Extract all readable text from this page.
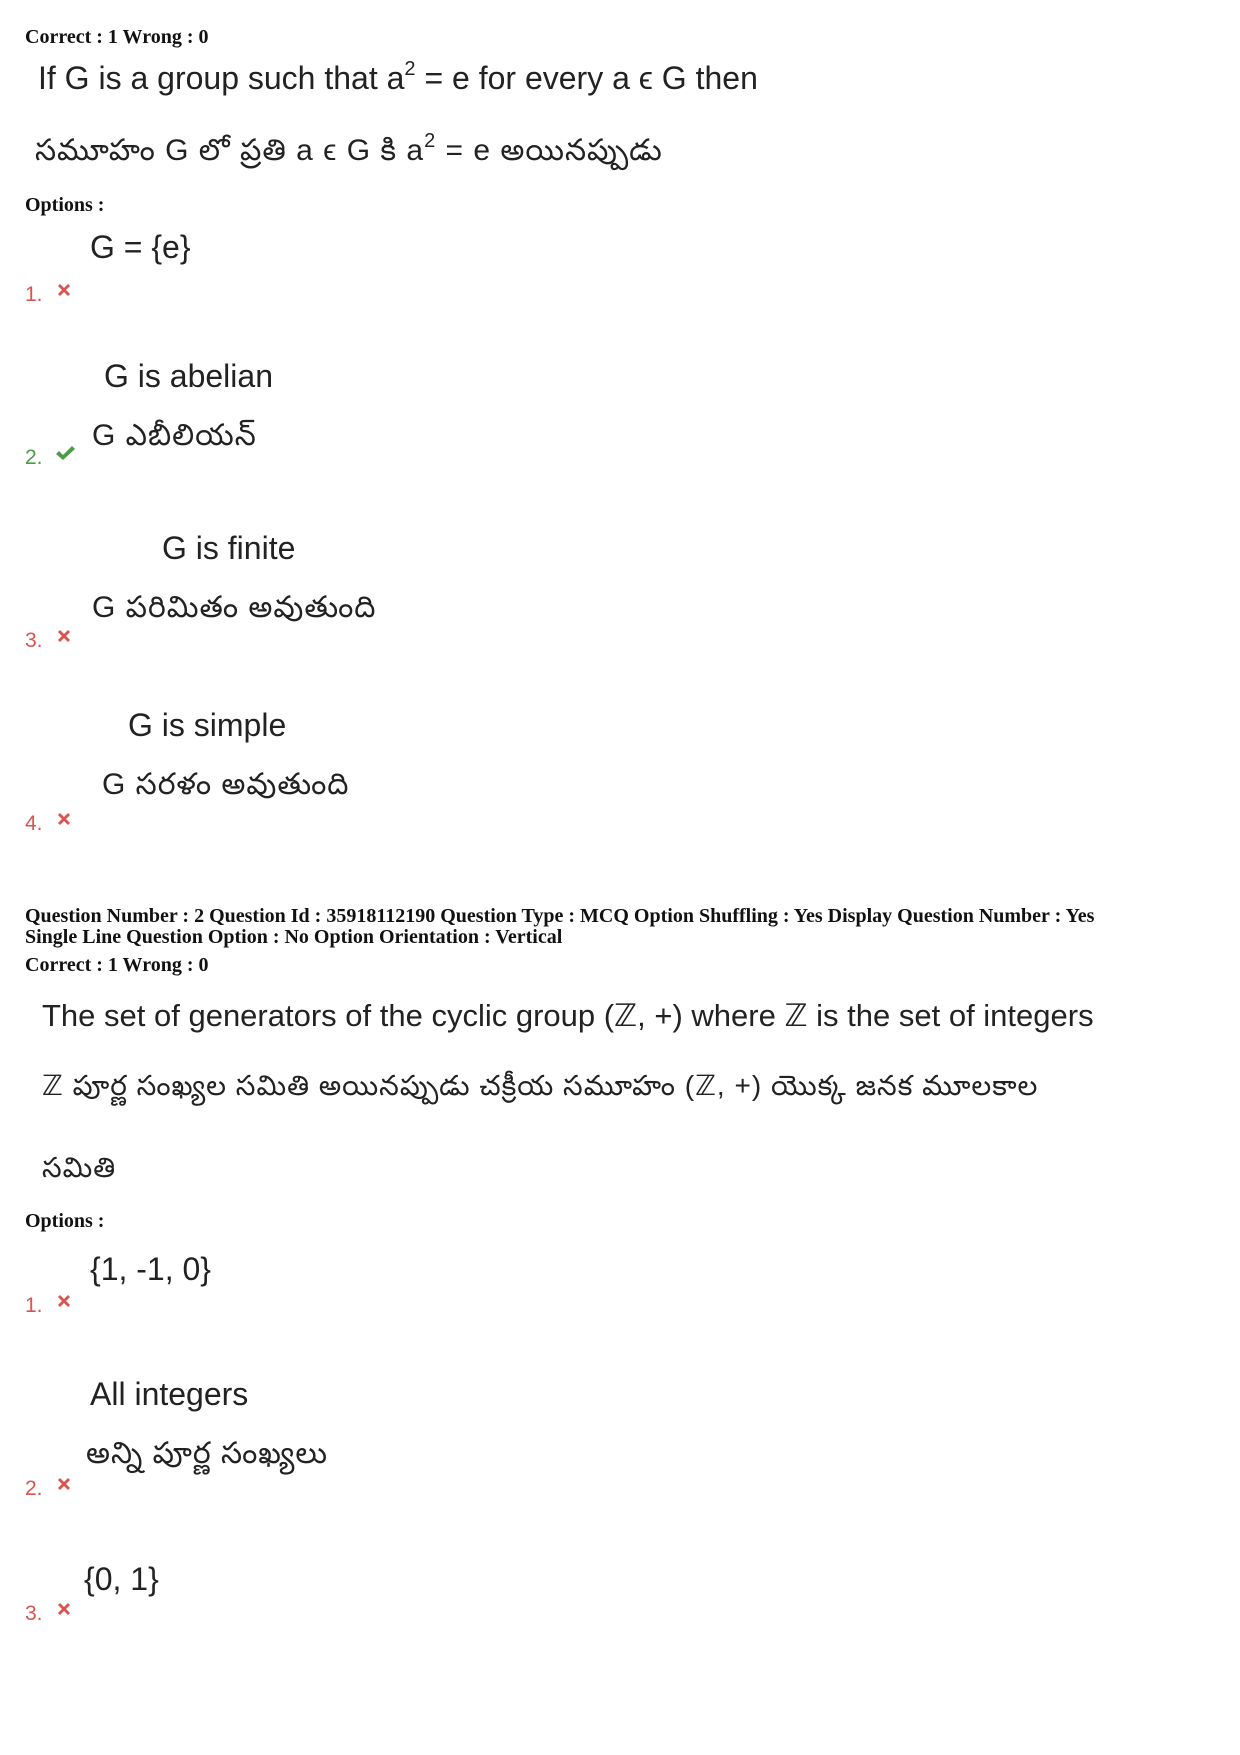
Correct : 1 Wrong : 0
If G is a group such that $a^2 = e$ for every a ϵ G then
సమూహం G లో ప్రతి a ϵ G కి $a^2 = e$ అయినప్పుడు
Options :
G = {e}
1.
G is abelian
G ఎబీలియన్
2.
G is finite
G పరిమితం అవుతుంది
3.
G is simple
G సరళం అవుతుంది
4.
Question Number : 2 Question Id : 35918112190 Question Type : MCQ Option Shuffling : Yes Display Question Number : Yes
Single Line Question Option : No Option Orientation : Vertical
Correct : 1 Wrong : 0
The set of generators of the cyclic group (ℤ, +) where ℤ is the set of integers
ℤ పూర్ణ సంఖ్యల సమితి అయినప్పుడు చక్రీయ సమూహం (ℤ, +) యొక్క జనక మూలకాల
సమితి
Options :
{1, -1, 0}
1.
All integers
అన్ని పూర్ణ సంఖ్యలు
2.
{0, 1}
3.
